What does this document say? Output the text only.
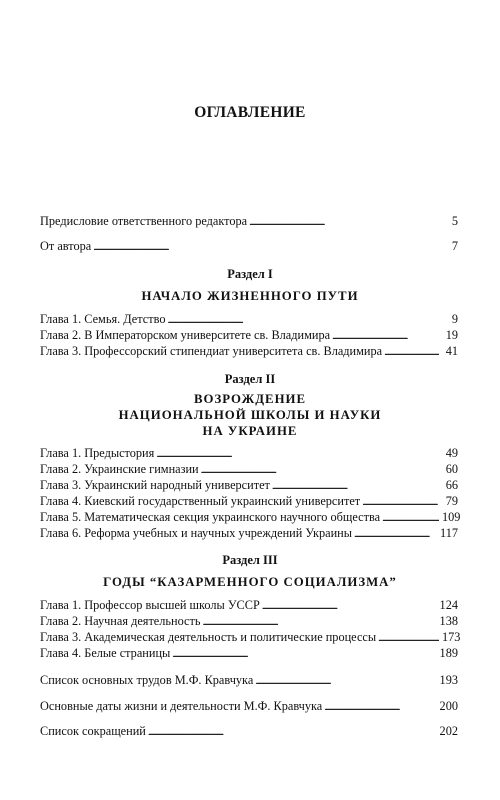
ОГЛАВЛЕНИЕ
Предисловие ответственного редактора . . .	5
От автора . . .	7
Раздел I
НАЧАЛО ЖИЗНЕННОГО ПУТИ
Глава 1. Семья. Детство . . .	9
Глава 2. В Императорском университете св. Владимира . . .	19
Глава 3. Профессорский стипендиат университета св. Владимира . . .	41
Раздел II
ВОЗРОЖДЕНИЕ
НАЦИОНАЛЬНОЙ ШКОЛЫ И НАУКИ
НА УКРАИНЕ
Глава 1. Предыстория . . .	49
Глава 2. Украинские гимназии . . .	60
Глава 3. Украинский народный университет . . .	66
Глава 4. Киевский государственный украинский университет . . .	79
Глава 5. Математическая секция украинского научного общества . . .	109
Глава 6. Реформа учебных и научных учреждений Украины . . .	117
Раздел III
ГОДЫ “КАЗАРМЕННОГО СОЦИАЛИЗМА”
Глава 1. Профессор высшей школы УССР . . .	124
Глава 2. Научная деятельность . . .	138
Глава 3. Академическая деятельность и политические процессы . . .	173
Глава 4. Белые страницы . . .	189
Список основных трудов М.Ф. Кравчука . . .	193
Основные даты жизни и деятельности М.Ф. Кравчука . . .	200
Список сокращений . . .	202
